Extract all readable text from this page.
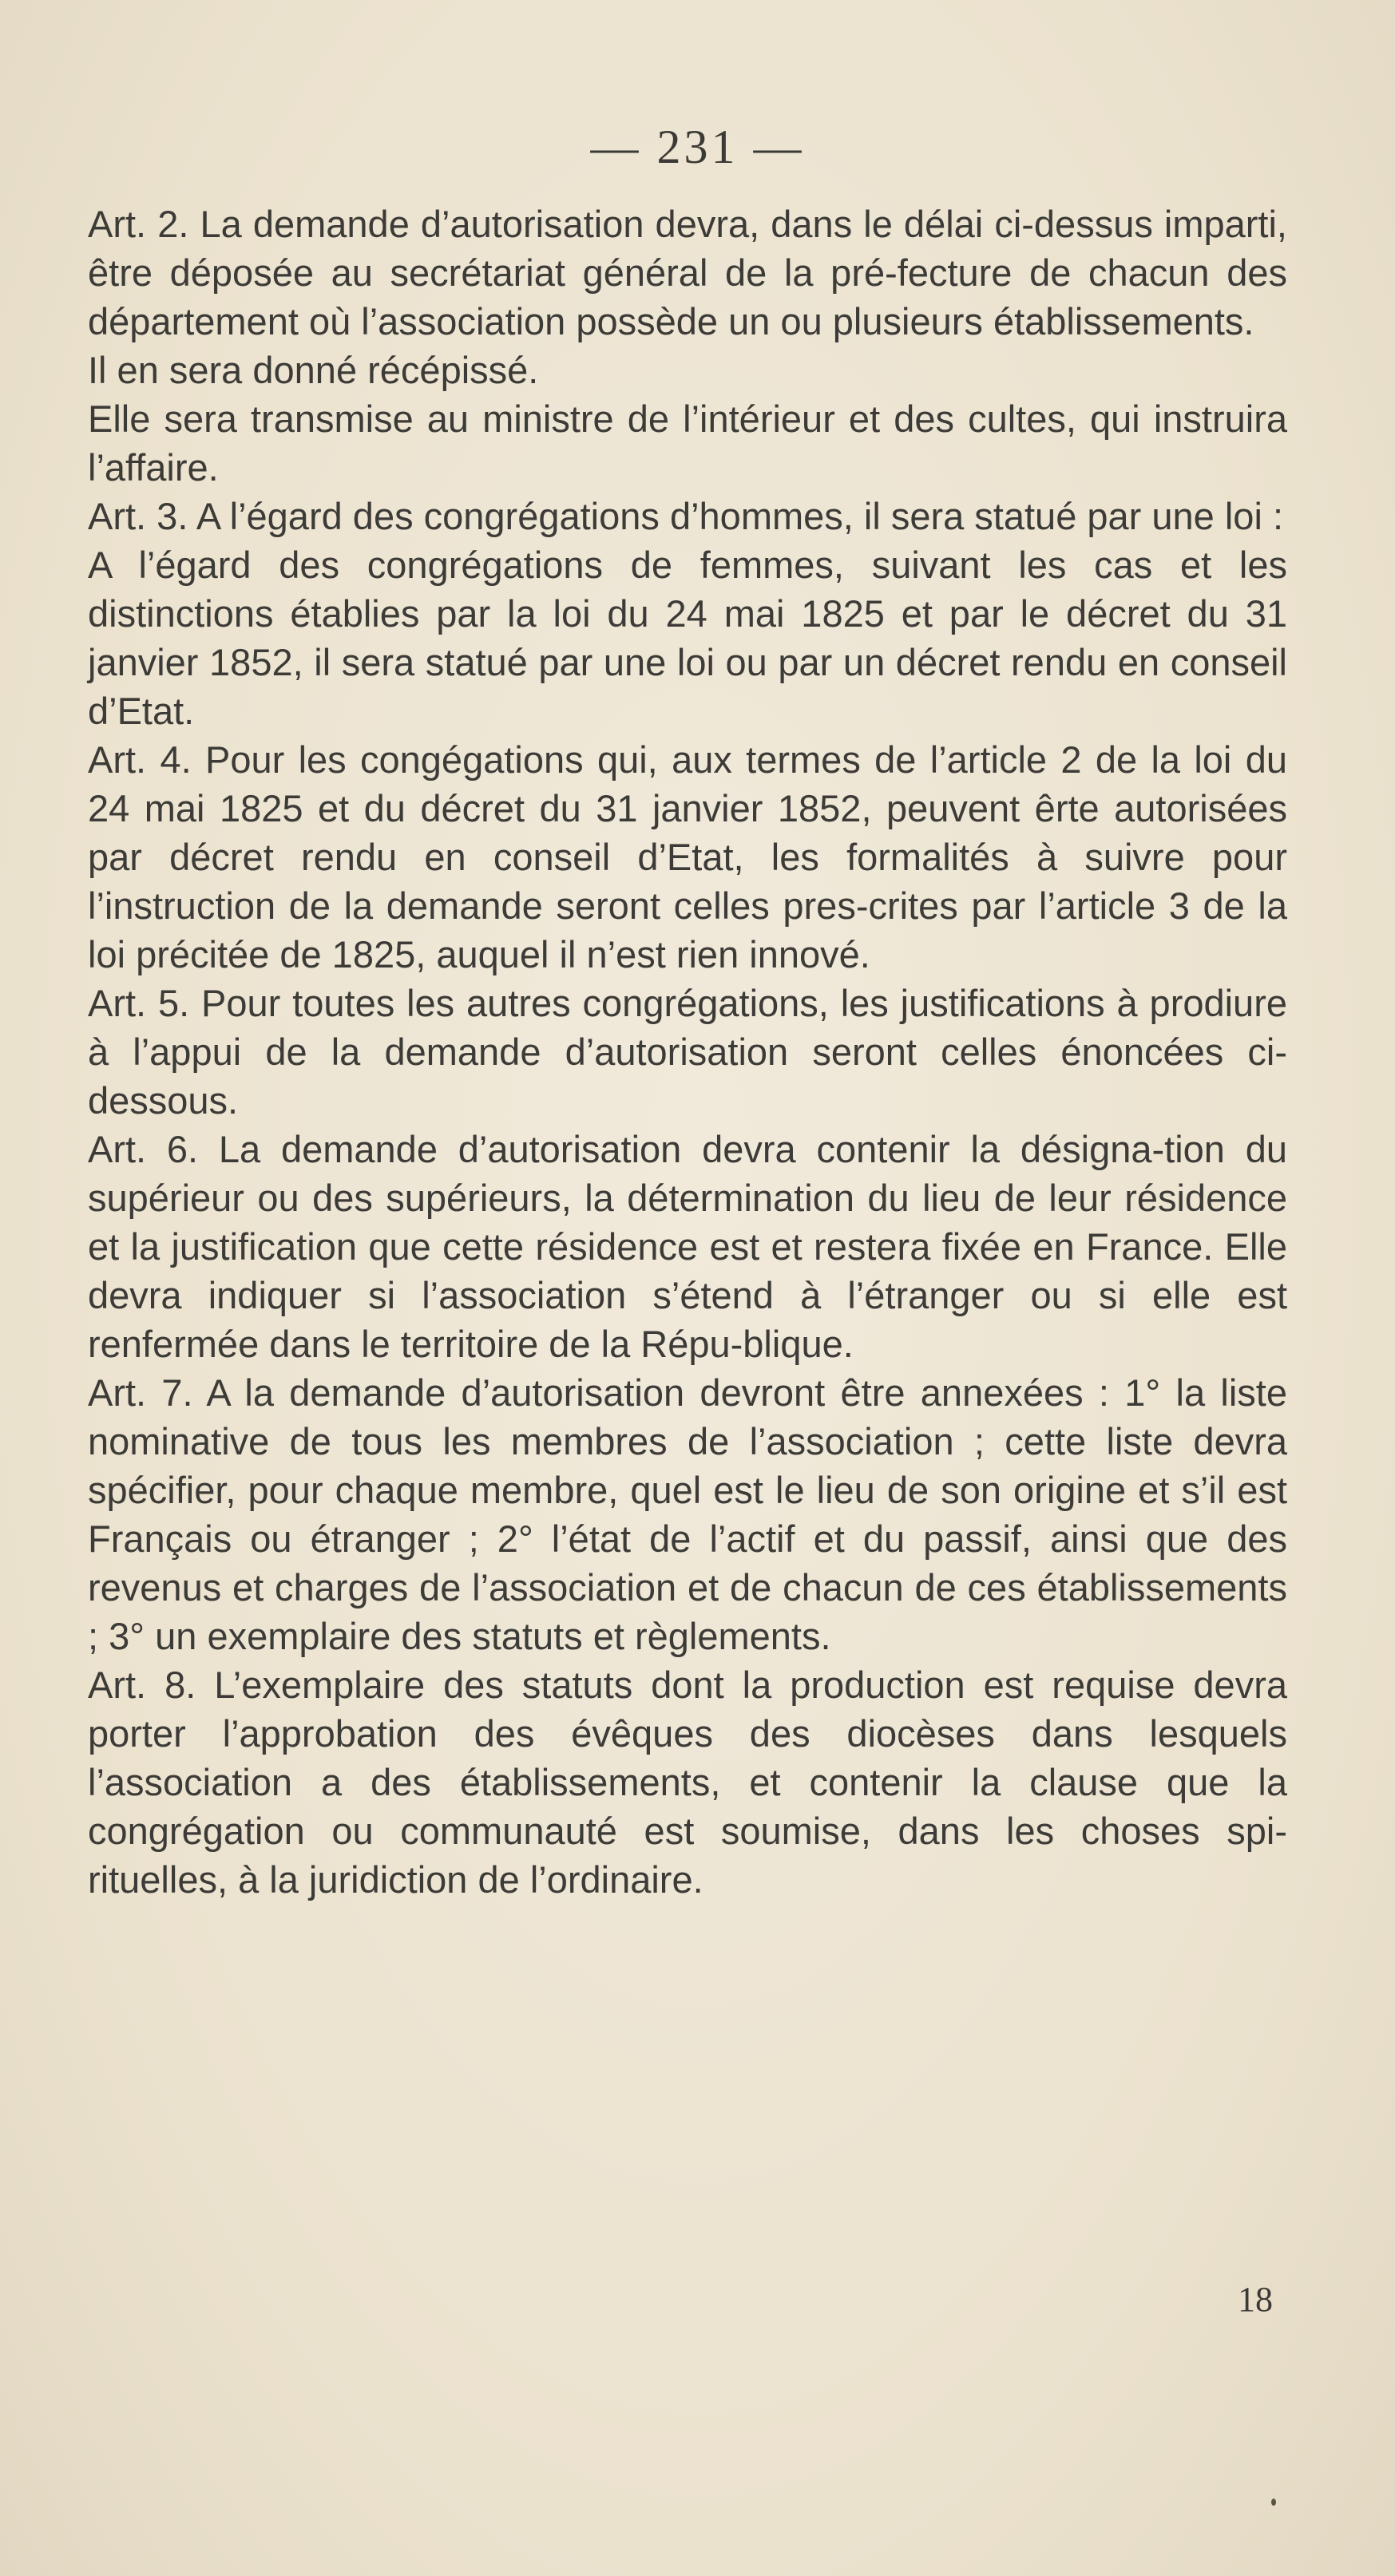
— 231 —

Art. 2. La demande d’autorisation devra, dans le délai ci-dessus imparti, être déposée au secrétariat général de la pré-fecture de chacun des département où l’association possède un ou plusieurs établissements.

Il en sera donné récépissé.

Elle sera transmise au ministre de l’intérieur et des cultes, qui instruira l’affaire.

Art. 3. A l’égard des congrégations d’hommes, il sera statué par une loi :

A l’égard des congrégations de femmes, suivant les cas et les distinctions établies par la loi du 24 mai 1825 et par le décret du 31 janvier 1852, il sera statué par une loi ou par un décret rendu en conseil d’Etat.

Art. 4. Pour les congégations qui, aux termes de l’article 2 de la loi du 24 mai 1825 et du décret du 31 janvier 1852, peuvent êrte autorisées par décret rendu en conseil d’Etat, les formalités à suivre pour l’instruction de la demande seront celles pres-crites par l’article 3 de la loi précitée de 1825, auquel il n’est rien innové.

Art. 5. Pour toutes les autres congrégations, les justifications à prodiure à l’appui de la demande d’autorisation seront celles énoncées ci-dessous.

Art. 6. La demande d’autorisation devra contenir la désigna-tion du supérieur ou des supérieurs, la détermination du lieu de leur résidence et la justification que cette résidence est et restera fixée en France. Elle devra indiquer si l’association s’étend à l’étranger ou si elle est renfermée dans le territoire de la Répu-blique.

Art. 7. A la demande d’autorisation devront être annexées : 1° la liste nominative de tous les membres de l’association ; cette liste devra spécifier, pour chaque membre, quel est le lieu de son origine et s’il est Français ou étranger ; 2° l’état de l’actif et du passif, ainsi que des revenus et charges de l’association et de chacun de ces établissements ; 3° un exemplaire des statuts et règlements.

Art. 8. L’exemplaire des statuts dont la production est requise devra porter l’approbation des évêques des diocèses dans lesquels l’association a des établissements, et contenir la clause que la congrégation ou communauté est soumise, dans les choses spi-rituelles, à la juridiction de l’ordinaire.

18
